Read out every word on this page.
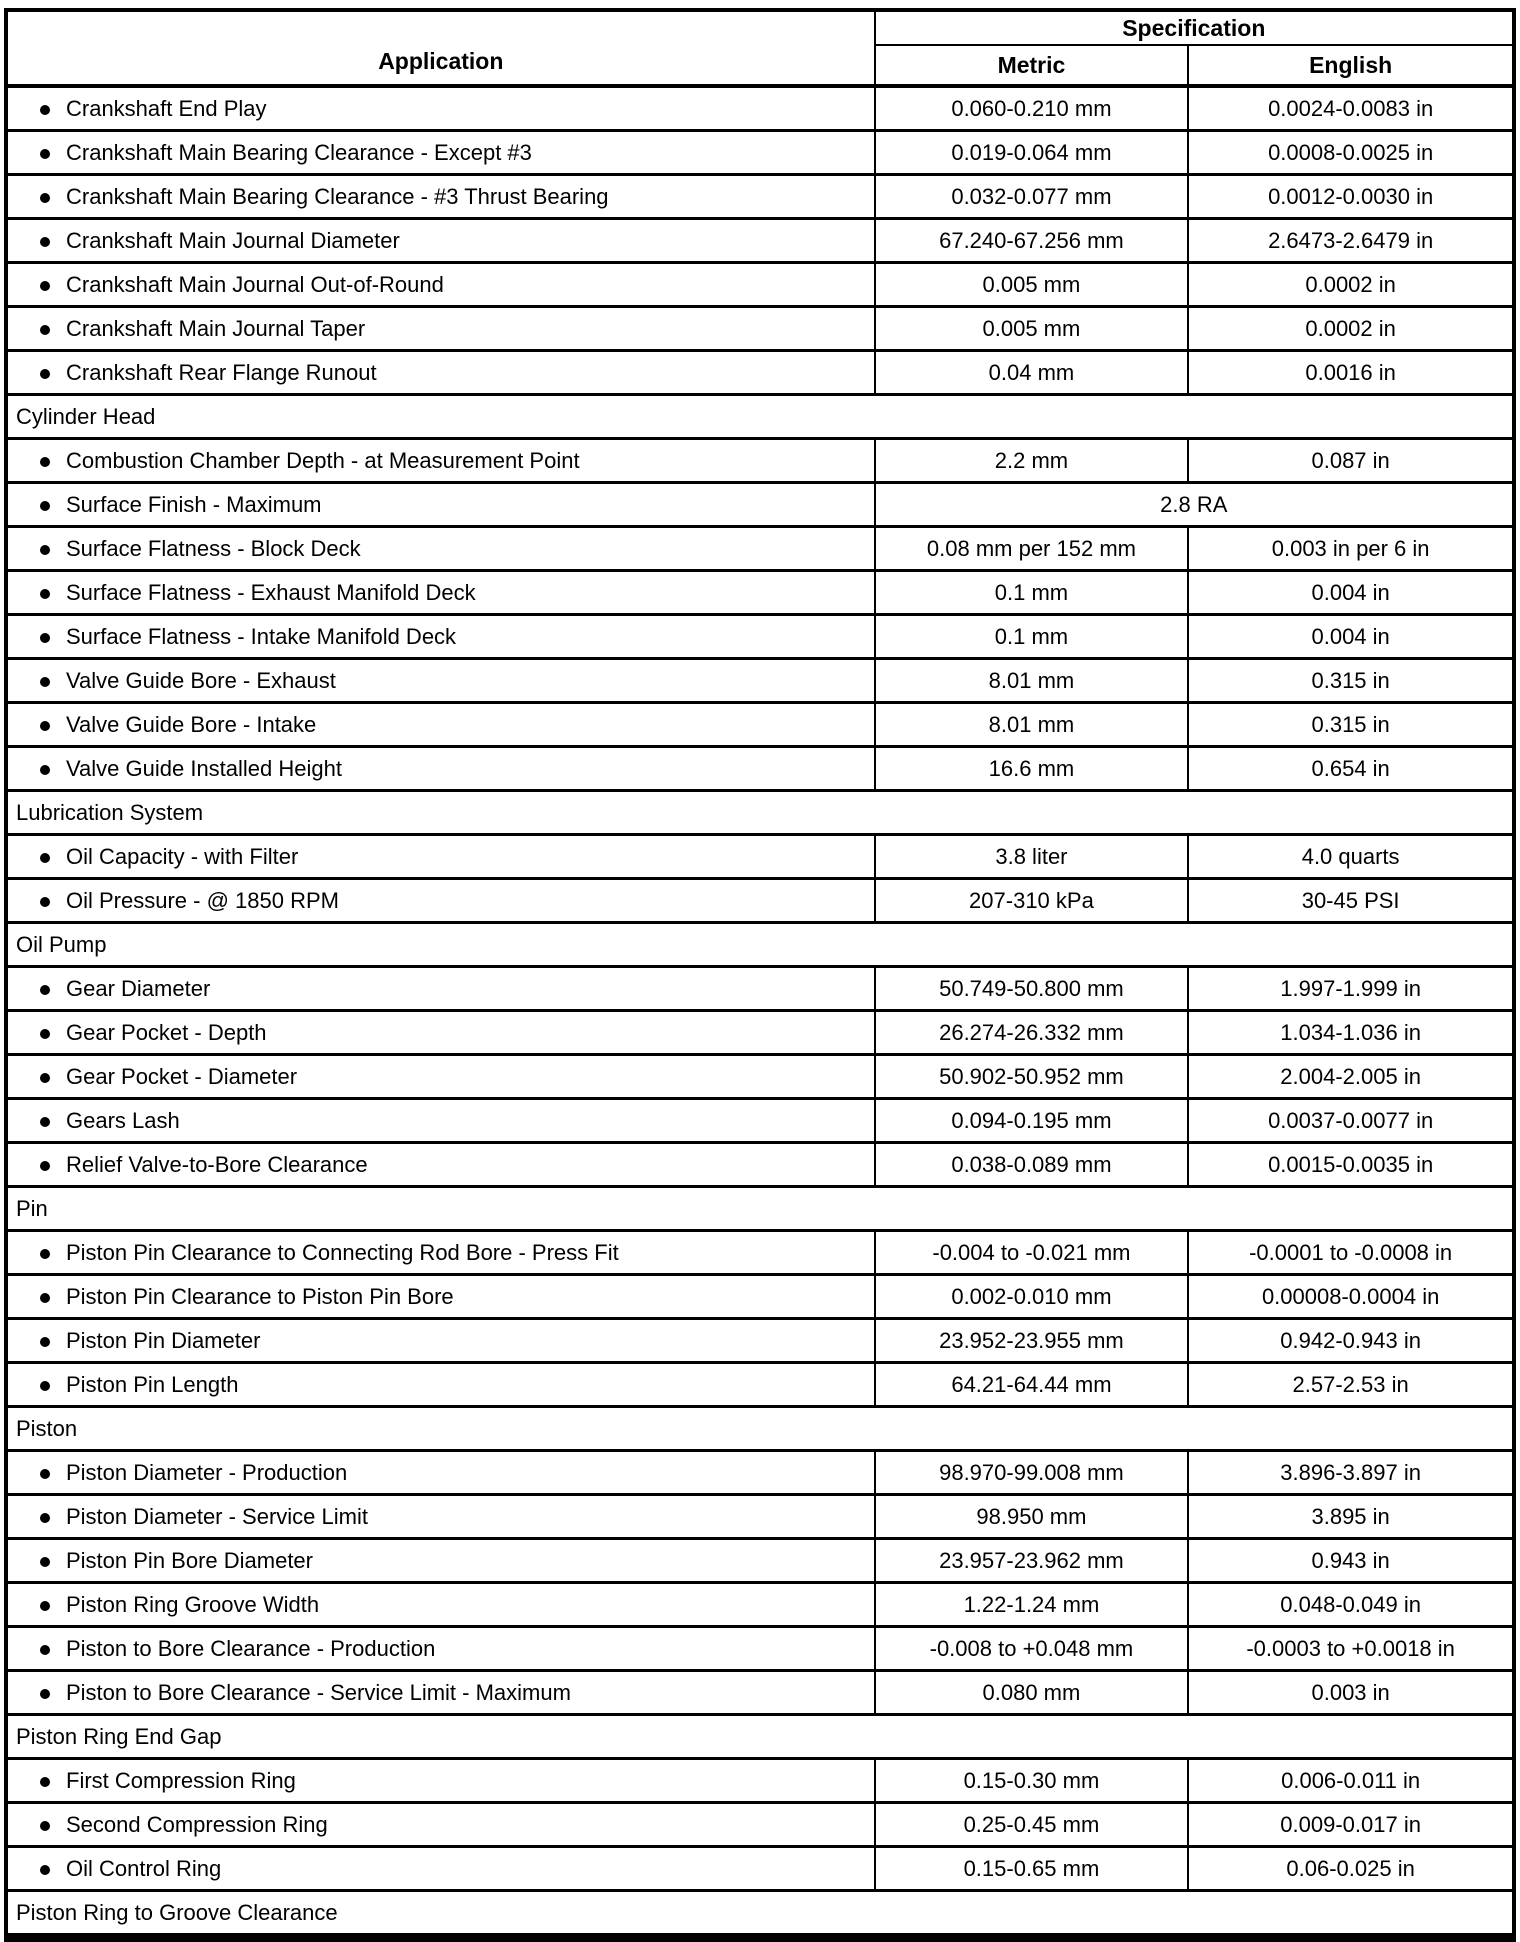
Application	Specification	
	Metric	English
Crankshaft End Play	0.060-0.210 mm	0.0024-0.0083 in
Crankshaft Main Bearing Clearance - Except #3	0.019-0.064 mm	0.0008-0.0025 in
Crankshaft Main Bearing Clearance - #3 Thrust Bearing	0.032-0.077 mm	0.0012-0.0030 in
Crankshaft Main Journal Diameter	67.240-67.256 mm	2.6473-2.6479 in
Crankshaft Main Journal Out-of-Round	0.005 mm	0.0002 in
Crankshaft Main Journal Taper	0.005 mm	0.0002 in
Crankshaft Rear Flange Runout	0.04 mm	0.0016 in
Cylinder Head		
Combustion Chamber Depth - at Measurement Point	2.2 mm	0.087 in
Surface Finish - Maximum	2.8 RA	
Surface Flatness - Block Deck	0.08 mm per 152 mm	0.003 in per 6 in
Surface Flatness - Exhaust Manifold Deck	0.1 mm	0.004 in
Surface Flatness - Intake Manifold Deck	0.1 mm	0.004 in
Valve Guide Bore - Exhaust	8.01 mm	0.315 in
Valve Guide Bore - Intake	8.01 mm	0.315 in
Valve Guide Installed Height	16.6 mm	0.654 in
Lubrication System		
Oil Capacity - with Filter	3.8 liter	4.0 quarts
Oil Pressure - @ 1850 RPM	207-310 kPa	30-45 PSI
Oil Pump		
Gear Diameter	50.749-50.800 mm	1.997-1.999 in
Gear Pocket - Depth	26.274-26.332 mm	1.034-1.036 in
Gear Pocket - Diameter	50.902-50.952 mm	2.004-2.005 in
Gears Lash	0.094-0.195 mm	0.0037-0.0077 in
Relief Valve-to-Bore Clearance	0.038-0.089 mm	0.0015-0.0035 in
Pin		
Piston Pin Clearance to Connecting Rod Bore - Press Fit	-0.004 to -0.021 mm	-0.0001 to -0.0008 in
Piston Pin Clearance to Piston Pin Bore	0.002-0.010 mm	0.00008-0.0004 in
Piston Pin Diameter	23.952-23.955 mm	0.942-0.943 in
Piston Pin Length	64.21-64.44 mm	2.57-2.53 in
Piston		
Piston Diameter - Production	98.970-99.008 mm	3.896-3.897 in
Piston Diameter - Service Limit	98.950 mm	3.895 in
Piston Pin Bore Diameter	23.957-23.962 mm	0.943 in
Piston Ring Groove Width	1.22-1.24 mm	0.048-0.049 in
Piston to Bore Clearance - Production	-0.008 to +0.048 mm	-0.0003 to +0.0018 in
Piston to Bore Clearance - Service Limit - Maximum	0.080 mm	0.003 in
Piston Ring End Gap		
First Compression Ring	0.15-0.30 mm	0.006-0.011 in
Second Compression Ring	0.25-0.45 mm	0.009-0.017 in
Oil Control Ring	0.15-0.65 mm	0.06-0.025 in
Piston Ring to Groove Clearance		
